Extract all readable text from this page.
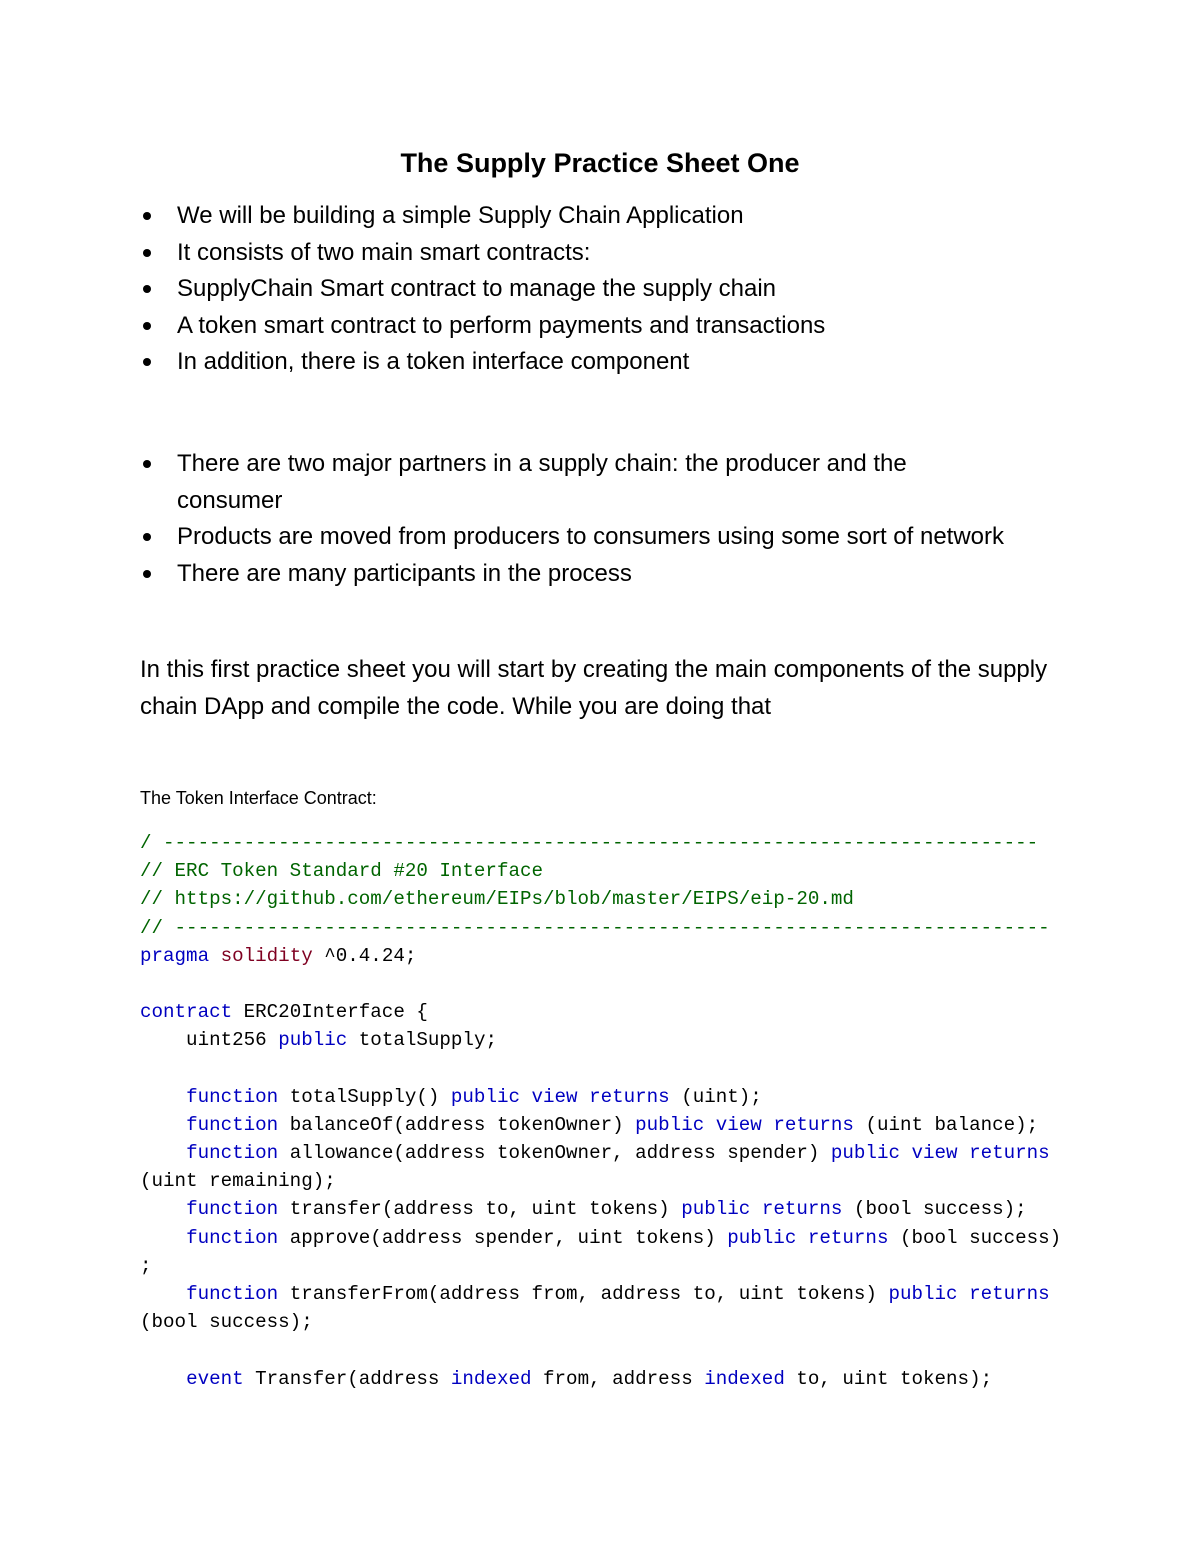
The Supply Practice Sheet One
We will be building a simple Supply Chain Application
It consists of two main smart contracts:
SupplyChain Smart contract to manage the supply chain
A token smart contract to perform payments and transactions
In addition, there is a token interface component
There are two major partners in a supply chain: the producer and the consumer
Products are moved from producers to consumers using some sort of network
There are many participants in the process

In this first practice sheet you will start by creating the main components of the supply chain DApp and compile the code. While you are doing that

The Token Interface Contract:
/ ----------------------------------------------------------------------------
// ERC Token Standard #20 Interface
// https://github.com/ethereum/EIPs/blob/master/EIPS/eip-20.md
// ----------------------------------------------------------------------------
pragma solidity ^0.4.24;
contract ERC20Interface {
uint256 public totalSupply;
function totalSupply() public view returns (uint);
function balanceOf(address tokenOwner) public view returns (uint balance);
function allowance(address tokenOwner, address spender) public view returns
(uint remaining);
function transfer(address to, uint tokens) public returns (bool success);
function approve(address spender, uint tokens) public returns (bool success)
;
function transferFrom(address from, address to, uint tokens) public returns
(bool success);
event Transfer(address indexed from, address indexed to, uint tokens);
